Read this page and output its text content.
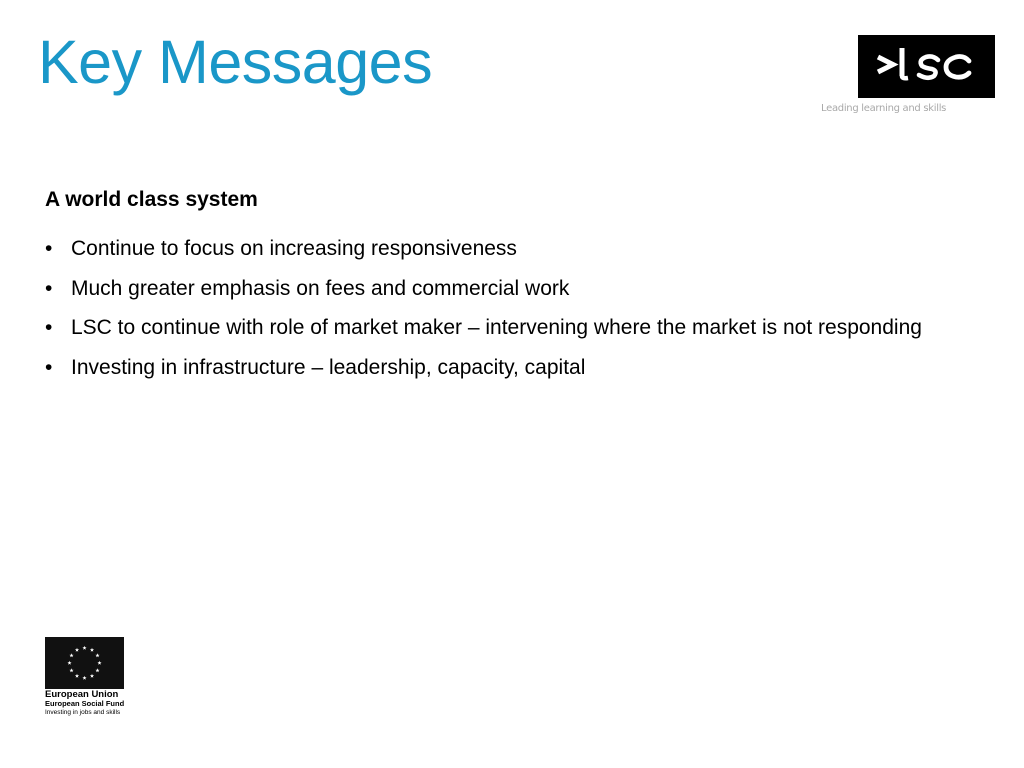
Key Messages
Leading learning and skills

A world class system

• Continue to focus on increasing responsiveness
• Much greater emphasis on fees and commercial work
• LSC to continue with role of market maker – intervening where the market is not responding
• Investing in infrastructure – leadership, capacity, capital
European Union
European Social Fund
Investing in jobs and skills
